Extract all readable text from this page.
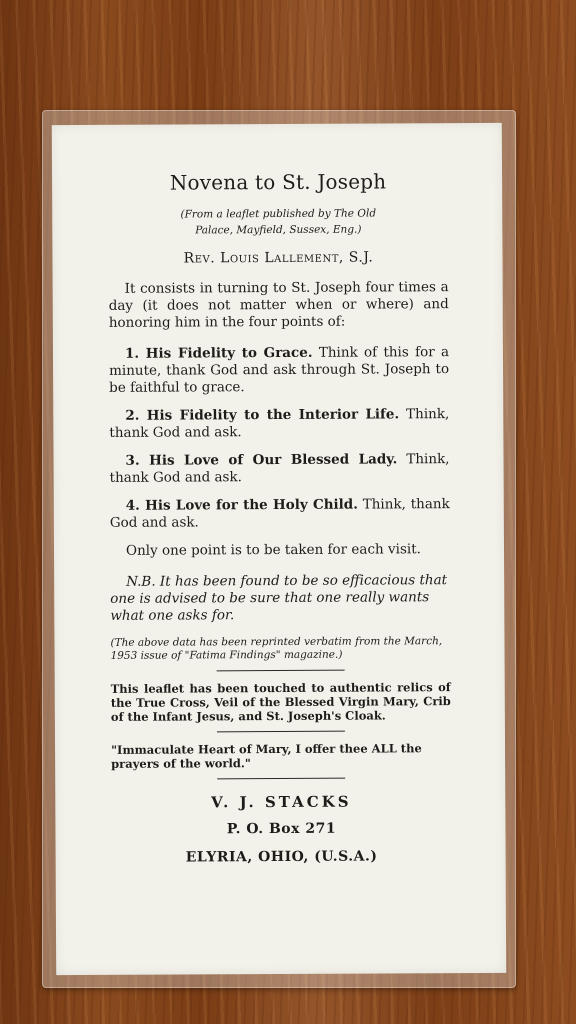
Novena to St. Joseph
(From a leaflet published by The Old
Palace, Mayfield, Sussex, Eng.)
Rev. Louis Lallement, S.J.

It consists in turning to St. Joseph four times a day (it does not matter when or where) and honoring him in the four points of:

1. His Fidelity to Grace. Think of this for a minute, thank God and ask through St. Joseph to be faithful to grace.

2. His Fidelity to the Interior Life. Think, thank God and ask.

3. His Love of Our Blessed Lady. Think, thank God and ask.

4. His Love for the Holy Child. Think, thank God and ask.

Only one point is to be taken for each visit.

N.B. It has been found to be so efficacious that one is advised to be sure that one really wants what one asks for.

(The above data has been reprinted verbatim from the March, 1953 issue of "Fatima Findings" magazine.)

This leaflet has been touched to authentic relics of the True Cross, Veil of the Blessed Virgin Mary, Crib of the Infant Jesus, and St. Joseph's Cloak.

"Immaculate Heart of Mary, I offer thee ALL the prayers of the world."

V. J. STACKS
P. O. Box 271
ELYRIA, OHIO, (U.S.A.)
